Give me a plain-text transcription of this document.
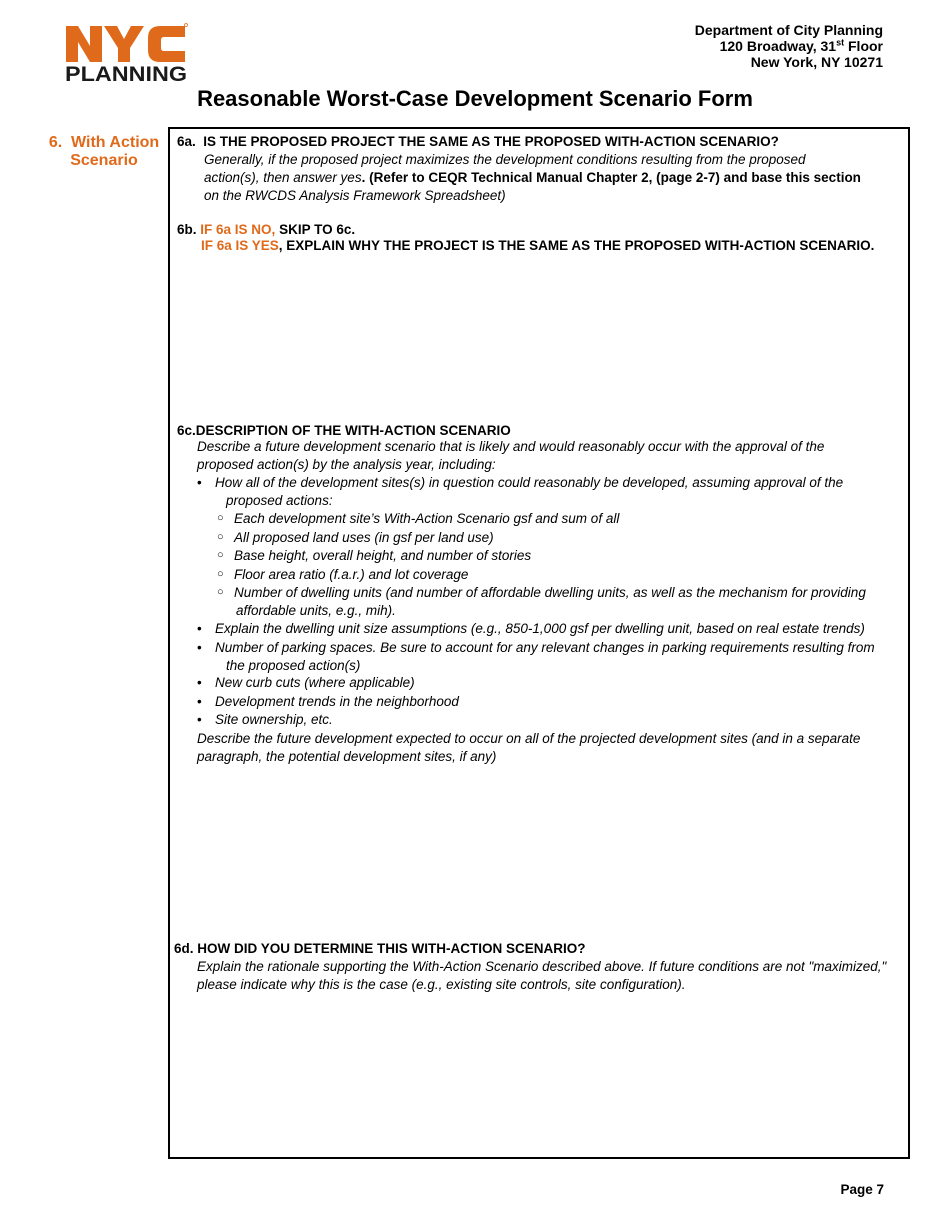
PLANNING
Department of City Planning
120 Broadway, 31st Floor
New York, NY 10271
Reasonable Worst-Case Development Scenario Form
6.  With Action
Scenario
6a. IS THE PROPOSED PROJECT THE SAME AS THE PROPOSED WITH-ACTION SCENARIO?
Generally, if the proposed project maximizes the development conditions resulting from the proposed
action(s), then answer yes. (Refer to CEQR Technical Manual Chapter 2, (page 2-7) and base this section
on the RWCDS Analysis Framework Spreadsheet)
6b. IF 6a IS NO, SKIP TO 6c.
IF 6a IS YES, EXPLAIN WHY THE PROJECT IS THE SAME AS THE PROPOSED WITH-ACTION SCENARIO.
6c.DESCRIPTION OF THE WITH-ACTION SCENARIO
Describe a future development scenario that is likely and would reasonably occur with the approval of the
proposed action(s) by the analysis year, including:
• How all of the development sites(s) in question could reasonably be developed, assuming approval of the
proposed actions:
○ Each development site’s With-Action Scenario gsf and sum of all
○ All proposed land uses (in gsf per land use)
○ Base height, overall height, and number of stories
○ Floor area ratio (f.a.r.) and lot coverage
○ Number of dwelling units (and number of affordable dwelling units, as well as the mechanism for providing
affordable units, e.g., mih).
• Explain the dwelling unit size assumptions (e.g., 850-1,000 gsf per dwelling unit, based on real estate trends)
• Number of parking spaces. Be sure to account for any relevant changes in parking requirements resulting from
the proposed action(s)
• New curb cuts (where applicable)
• Development trends in the neighborhood
• Site ownership, etc.
Describe the future development expected to occur on all of the projected development sites (and in a separate
paragraph, the potential development sites, if any)
6d. HOW DID YOU DETERMINE THIS WITH-ACTION SCENARIO?
Explain the rationale supporting the With-Action Scenario described above. If future conditions are not "maximized,"
please indicate why this is the case (e.g., existing site controls, site configuration).
Page 7
